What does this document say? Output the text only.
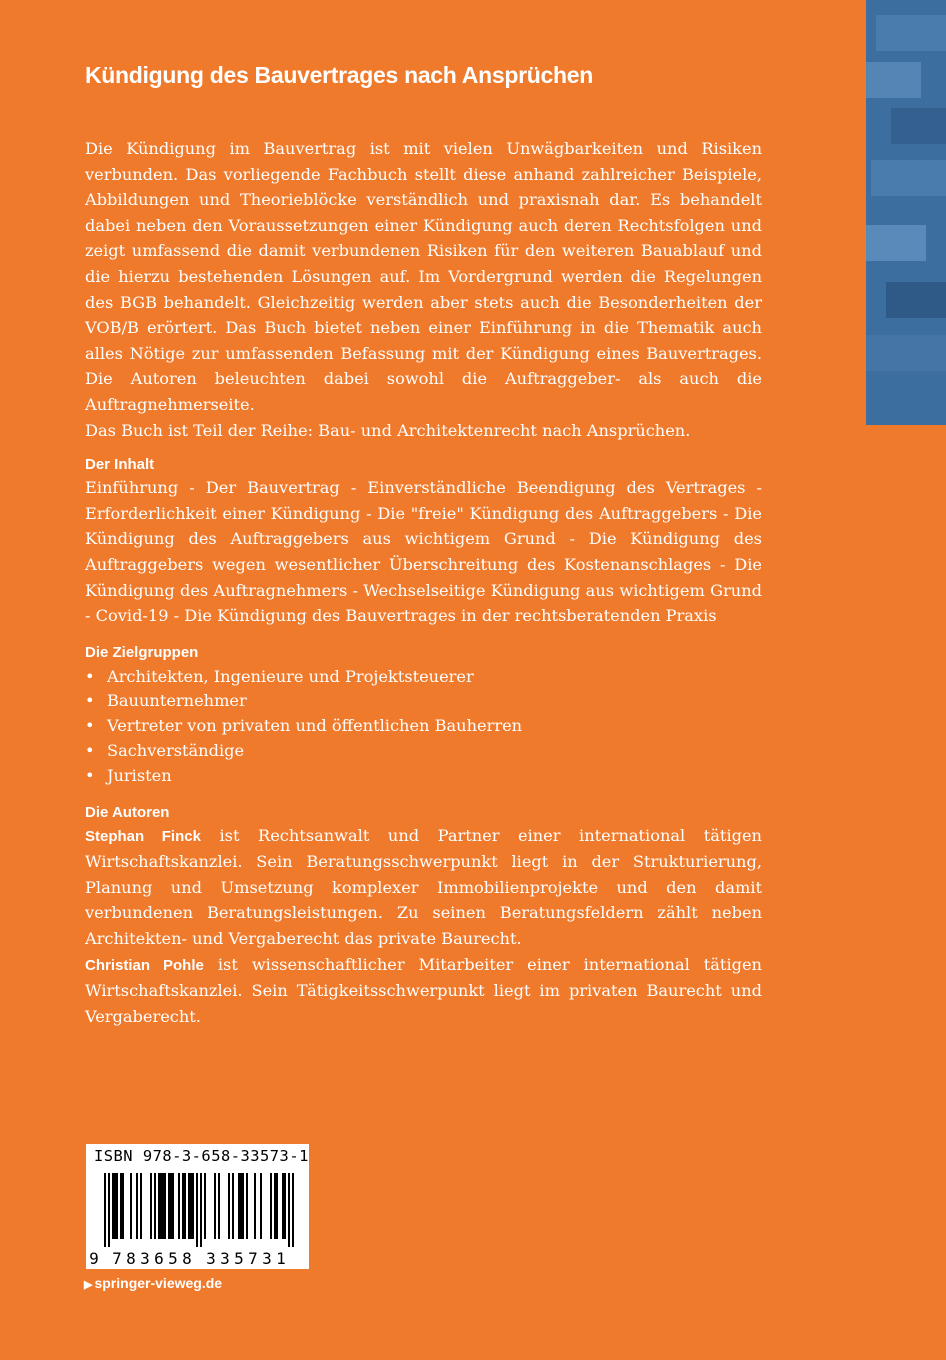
Kündigung des Bauvertrages nach Ansprüchen

Die Kündigung im Bauvertrag ist mit vielen Unwägbarkeiten und Risiken verbunden. Das vorliegende Fachbuch stellt diese anhand zahlreicher Beispiele, Abbildungen und Theorieblöcke verständlich und praxisnah dar. Es behandelt dabei neben den Voraussetzungen einer Kündigung auch deren Rechtsfolgen und zeigt umfassend die damit verbundenen Risiken für den weiteren Bauablauf und die hierzu bestehenden Lösungen auf. Im Vordergrund werden die Regelungen des BGB behandelt. Gleichzeitig werden aber stets auch die Besonderheiten der VOB/B erörtert. Das Buch bietet neben einer Einführung in die Thematik auch alles Nötige zur umfassenden Befassung mit der Kündigung eines Bauvertrages. Die Autoren beleuchten dabei sowohl die Auftraggeber- als auch die Auftragnehmerseite.

Das Buch ist Teil der Reihe: Bau- und Architektenrecht nach Ansprüchen.

Der Inhalt

Einführung - Der Bauvertrag - Einverständliche Beendigung des Vertrages - Erforderlichkeit einer Kündigung - Die "freie" Kündigung des Auftraggebers - Die Kündigung des Auftraggebers aus wichtigem Grund - Die Kündigung des Auftraggebers wegen wesentlicher Überschreitung des Kostenanschlages - Die Kündigung des Auftragnehmers - Wechselseitige Kündigung aus wichtigem Grund - Covid-19 - Die Kündigung des Bauvertrages in der rechtsberatenden Praxis

Die Zielgruppen
• Architekten, Ingenieure und Projektsteuerer
• Bauunternehmer
• Vertreter von privaten und öffentlichen Bauherren
• Sachverständige
• Juristen
Die Autoren

Stephan Finck ist Rechtsanwalt und Partner einer international tätigen Wirtschaftskanzlei. Sein Beratungsschwerpunkt liegt in der Strukturierung, Planung und Umsetzung komplexer Immobilienprojekte und den damit verbundenen Beratungsleistungen. Zu seinen Beratungsfeldern zählt neben Architekten- und Vergaberecht das private Baurecht.

Christian Pohle ist wissenschaftlicher Mitarbeiter einer international tätigen Wirtschaftskanzlei. Sein Tätigkeitsschwerpunkt liegt im privaten Baurecht und Vergaberecht.

ISBN 978-3-658-33573-1
9 7 8 3 6 5 8 3 3 5 7 3 1
▶ springer-vieweg.de
